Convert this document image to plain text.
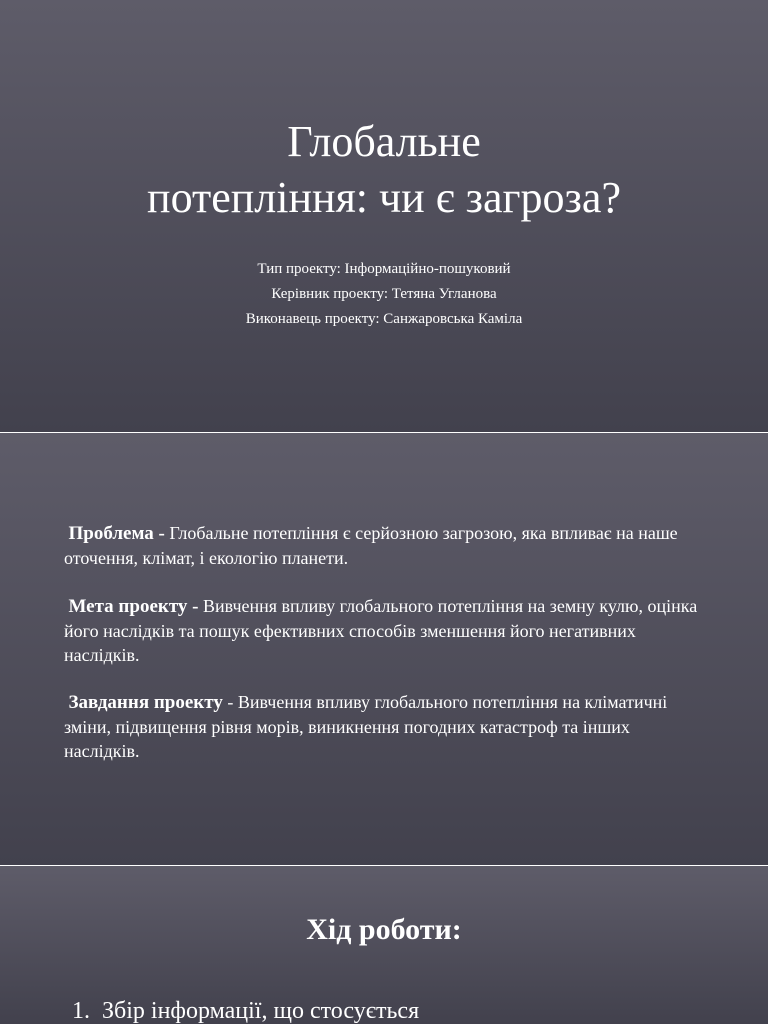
Глобальне
потепління: чи є загроза?
Тип проекту: Інформаційно-пошуковий
Керівник проекту: Тетяна Угланова
Виконавець проекту: Санжаровська Каміла

Проблема - Глобальне потепління є серйозною загрозою, яка впливає на наше оточення, клімат, і екологію планети.

Мета проекту - Вивчення впливу глобального потепління на земну кулю, оцінка його наслідків та пошук ефективних способів зменшення його негативних наслідків.

Завдання проекту - Вивчення впливу глобального потепління на кліматичні зміни, підвищення рівня морів, виникнення погодних катастроф та інших наслідків.

Хід роботи:
1. Збір інформації, що стосується
